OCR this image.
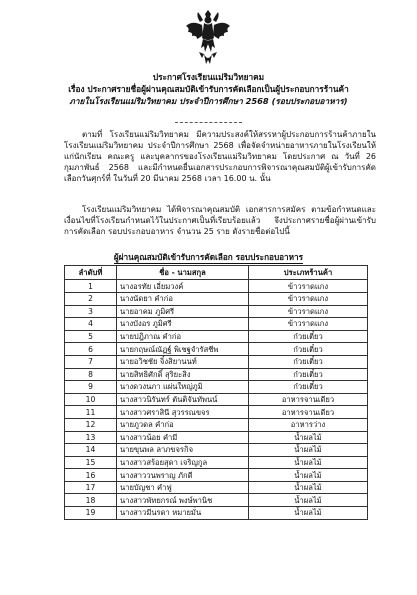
ประกาศโรงเรียนแม่ริมวิทยาคม
เรื่อง ประกาศรายชื่อผู้ผ่านคุณสมบัติเข้ารับการคัดเลือกเป็นผู้ประกอบการร้านค้า
ภายในโรงเรียนแม่ริมวิทยาคม ประจำปีการศึกษา 2568 (รอบประกอบอาหาร)
ตามที่ โรงเรียนแม่ริมวิทยาคม มีความประสงค์ให้สรรหาผู้ประกอบการร้านค้าภายในโรงเรียนแม่ริมวิทยาคม ประจำปีการศึกษา 2568 เพื่อจัดจำหน่ายอาหารภายในโรงเรียนให้แก่นักเรียน คณะครู และบุคลากรของโรงเรียนแม่ริมวิทยาคม โดยประกาศ ณ วันที่ 26 กุมภาพันธ์ 2568 และมีกำหนดยื่นเอกสารประกอบการพิจารณาคุณสมบัติผู้เข้ารับการคัดเลือกวันศุกร์ที่ ในวันที่ 20 มีนาคม 2568 เวลา 16.00 น. นั้น
โรงเรียนแม่ริมวิทยาคม ได้พิจารณาคุณสมบัติ เอกสารการสมัคร ตามข้อกำหนดและเงื่อนไขที่โรงเรียนกำหนดไว้ในประกาศเป็นที่เรียบร้อยแล้ว จึงประกาศรายชื่อผู้ผ่านเข้ารับการคัดเลือก รอบประกอบอาหาร จำนวน 25 ราย ดังรายชื่อต่อไปนี้
ผู้ผ่านคุณสมบัติเข้ารับการคัดเลือก รอบประกอบอาหาร
ลำดับที่	ชื่อ - นามสกุล	ประเภทร้านค้า
1	นางอรทัย เอี่ยมวงค์	ข้าวราดแกง
2	นางนัดยา คำก่อ	ข้าวราดแกง
3	นายอาคม ภูมิศรี	ข้าวราดแกง
4	นางบังอร ภูมิศรี	ข้าวราดแกง
5	นายปฎิภาณ คำก่อ	ก๋วยเตี๋ยว
6	นายกฤษณ์ณัฏฐ์ พิเชฐจำรัสชีพ	ก๋วยเตี๋ยว
7	นายอวิชชัย จิ๋งสิยานนท์	ก๋วยเตี๋ยว
8	นายสิทธิศักดิ์ สุริยะสิง	ก๋วยเตี๋ยว
9	นางดวงนภา แผ่นใหญ่ภูมิ	ก๋วยเตี๋ยว
10	นางสาวนิรันทร์ ตันติจันทัพนน์	อาหารจานเดียว
11	นางสาวศราสินี สุวรรณขจร	อาหารจานเดียว
12	นายภูวดล คำก่อ	อาหารว่าง
13	นางสาวน้อย คำมี	น้ำผลไม้
14	นายขุนพล ลาภขจรกิจ	น้ำผลไม้
15	นางสาวสร้อยสุดา เจริญกูล	น้ำผลไม้
16	นางสาววนพราญ ภักดี	น้ำผลไม้
17	นายบัญชา คำฟู	น้ำผลไม้
18	นางสาวพัทยกรณ์ พงษ์พานิช	น้ำผลไม้
19	นางสาวมีนรดา หมายมั่น	น้ำผลไม้
